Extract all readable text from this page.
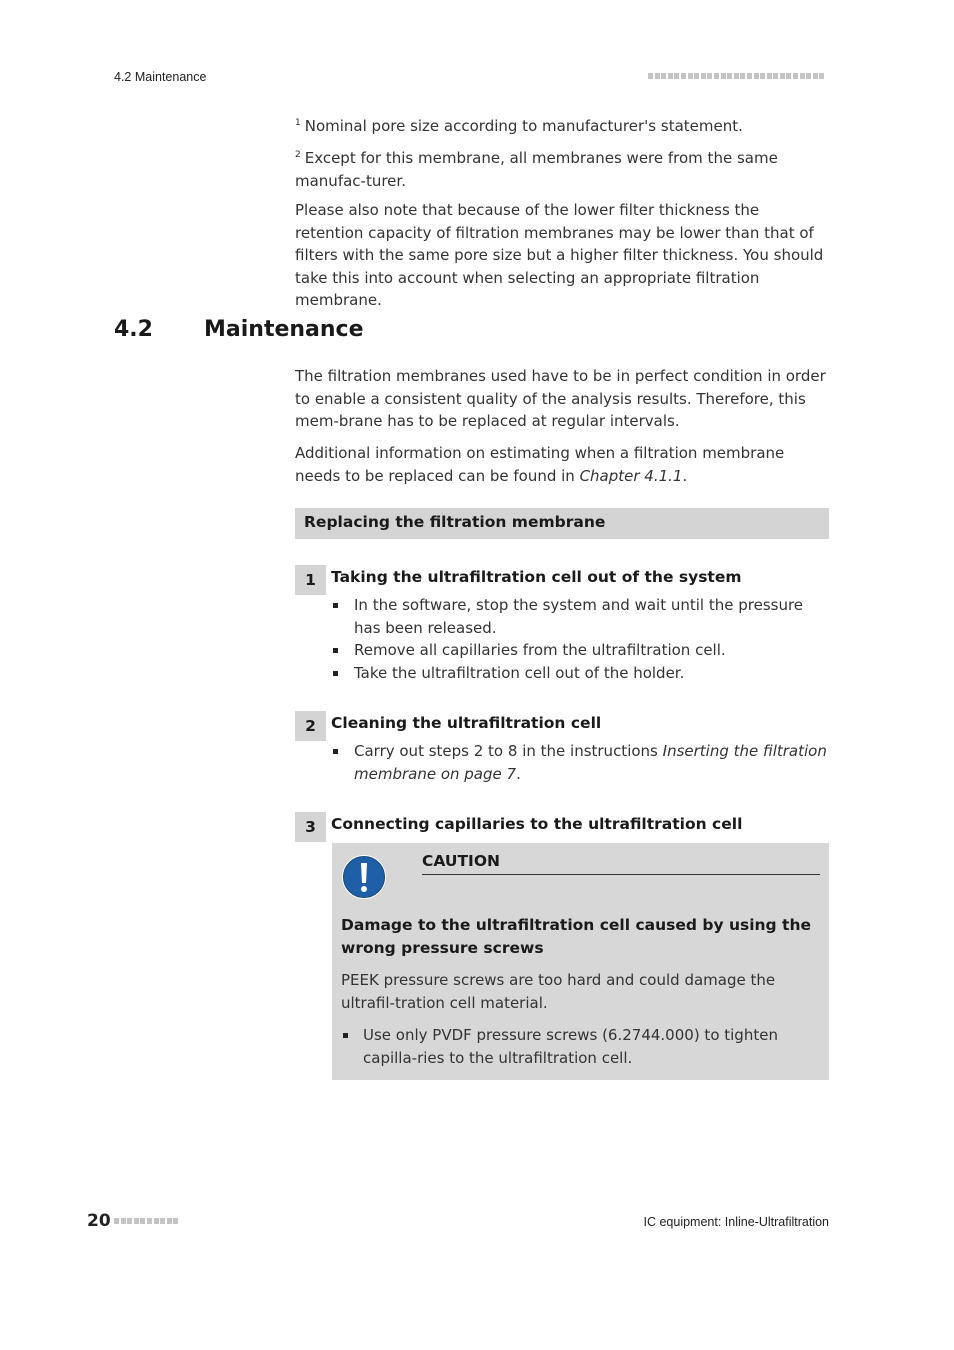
4.2 Maintenance

$^1$ Nominal pore size according to manufacturer's statement.

$^2$ Except for this membrane, all membranes were from the same manufac-turer.

Please also note that because of the lower filter thickness the retention capacity of filtration membranes may be lower than that of filters with the same pore size but a higher filter thickness. You should take this into account when selecting an appropriate filtration membrane.

4.2 Maintenance

The filtration membranes used have to be in perfect condition in order to enable a consistent quality of the analysis results. Therefore, this mem-brane has to be replaced at regular intervals.

Additional information on estimating when a filtration membrane needs to be replaced can be found in Chapter 4.1.1.

Replacing the filtration membrane
1 Taking the ultrafiltration cell out of the system
In the software, stop the system and wait until the pressure has been released.
Remove all capillaries from the ultrafiltration cell.
Take the ultrafiltration cell out of the holder.
2 Cleaning the ultrafiltration cell
Carry out steps 2 to 8 in the instructions Inserting the filtration membrane on page 7.
3 Connecting capillaries to the ultrafiltration cell
CAUTION
Damage to the ultrafiltration cell caused by using the wrong pressure screws
PEEK pressure screws are too hard and could damage the ultrafil-tration cell material.
Use only PVDF pressure screws (6.2744.000) to tighten capilla-ries to the ultrafiltration cell.
20	IC equipment: Inline-Ultrafiltration
